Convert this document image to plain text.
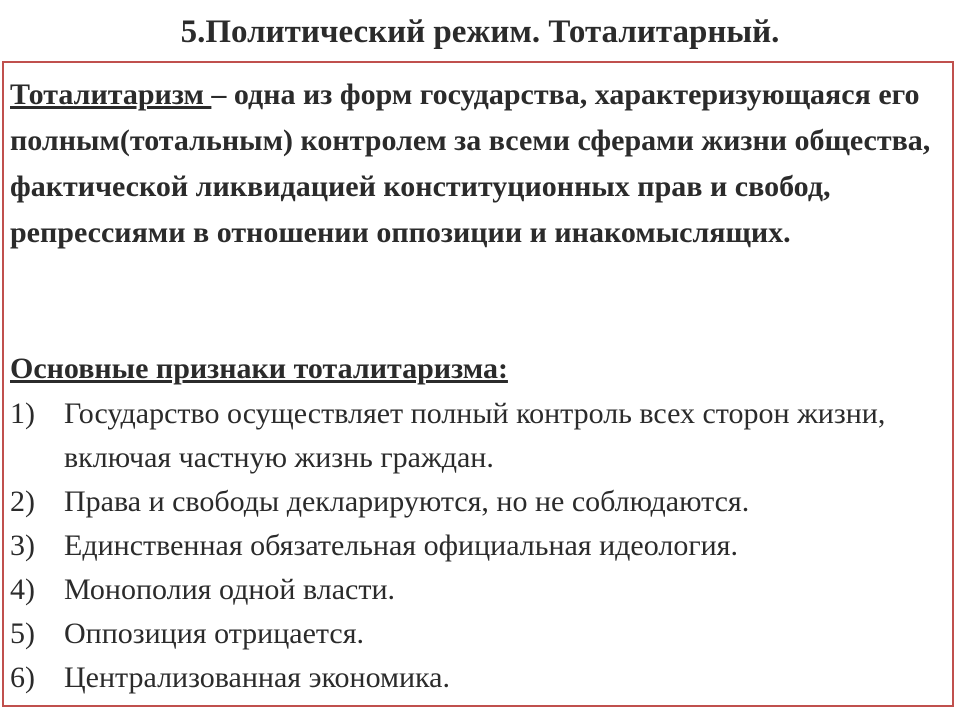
5.Политический режим. Тоталитарный.

Тоталитаризм – одна из форм государства, характеризующаяся его полным(тотальным) контролем за всеми сферами жизни общества, фактической ликвидацией конституционных прав и свобод, репрессиями в отношении оппозиции и инакомыслящих.

Основные признаки тоталитаризма:

1) Государство осуществляет полный контроль всех сторон жизни, включая частную жизнь граждан.
2) Права и свободы декларируются, но не соблюдаются.
3) Единственная обязательная официальная идеология.
4) Монополия одной власти.
5) Оппозиция отрицается.
6) Централизованная экономика.
